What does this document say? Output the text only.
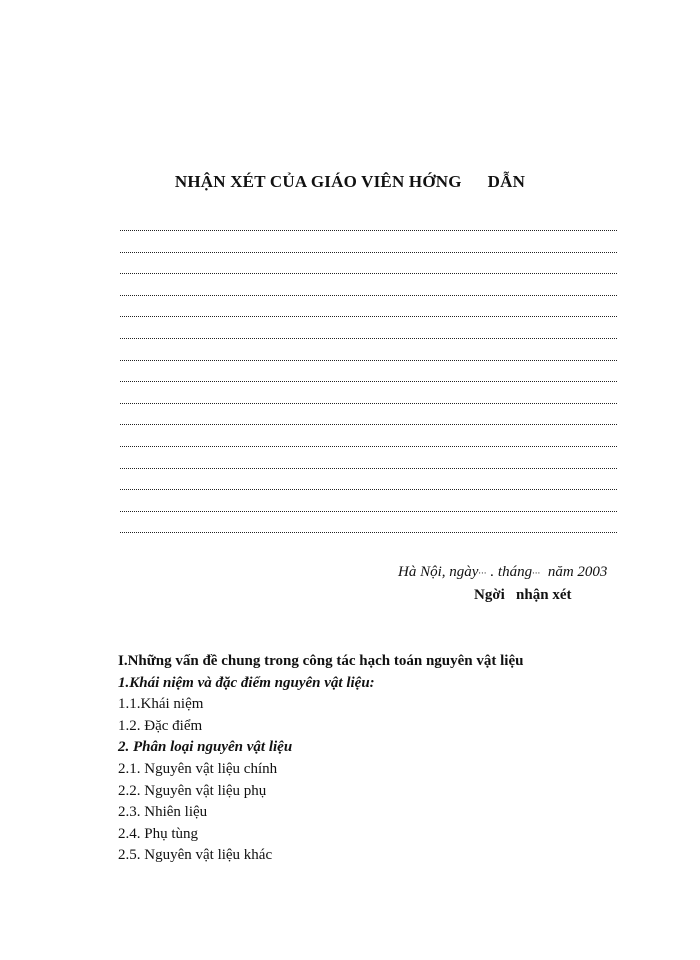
NHẬN XÉT CỦA GIÁO VIÊN HỚNG DẪN
Hà Nội, ngày··· . tháng···  năm 2003
Ngời   nhận xét
I.Những vấn đề chung trong công tác hạch toán nguyên vật liệu
1.Khái niệm và đặc điểm nguyên vật liệu:
1.1.Khái niệm
1.2. Đặc điểm
2. Phân loại nguyên vật liệu
2.1. Nguyên vật liệu chính
2.2. Nguyên vật liệu phụ
2.3. Nhiên liệu
2.4. Phụ tùng
2.5. Nguyên vật liệu khác
